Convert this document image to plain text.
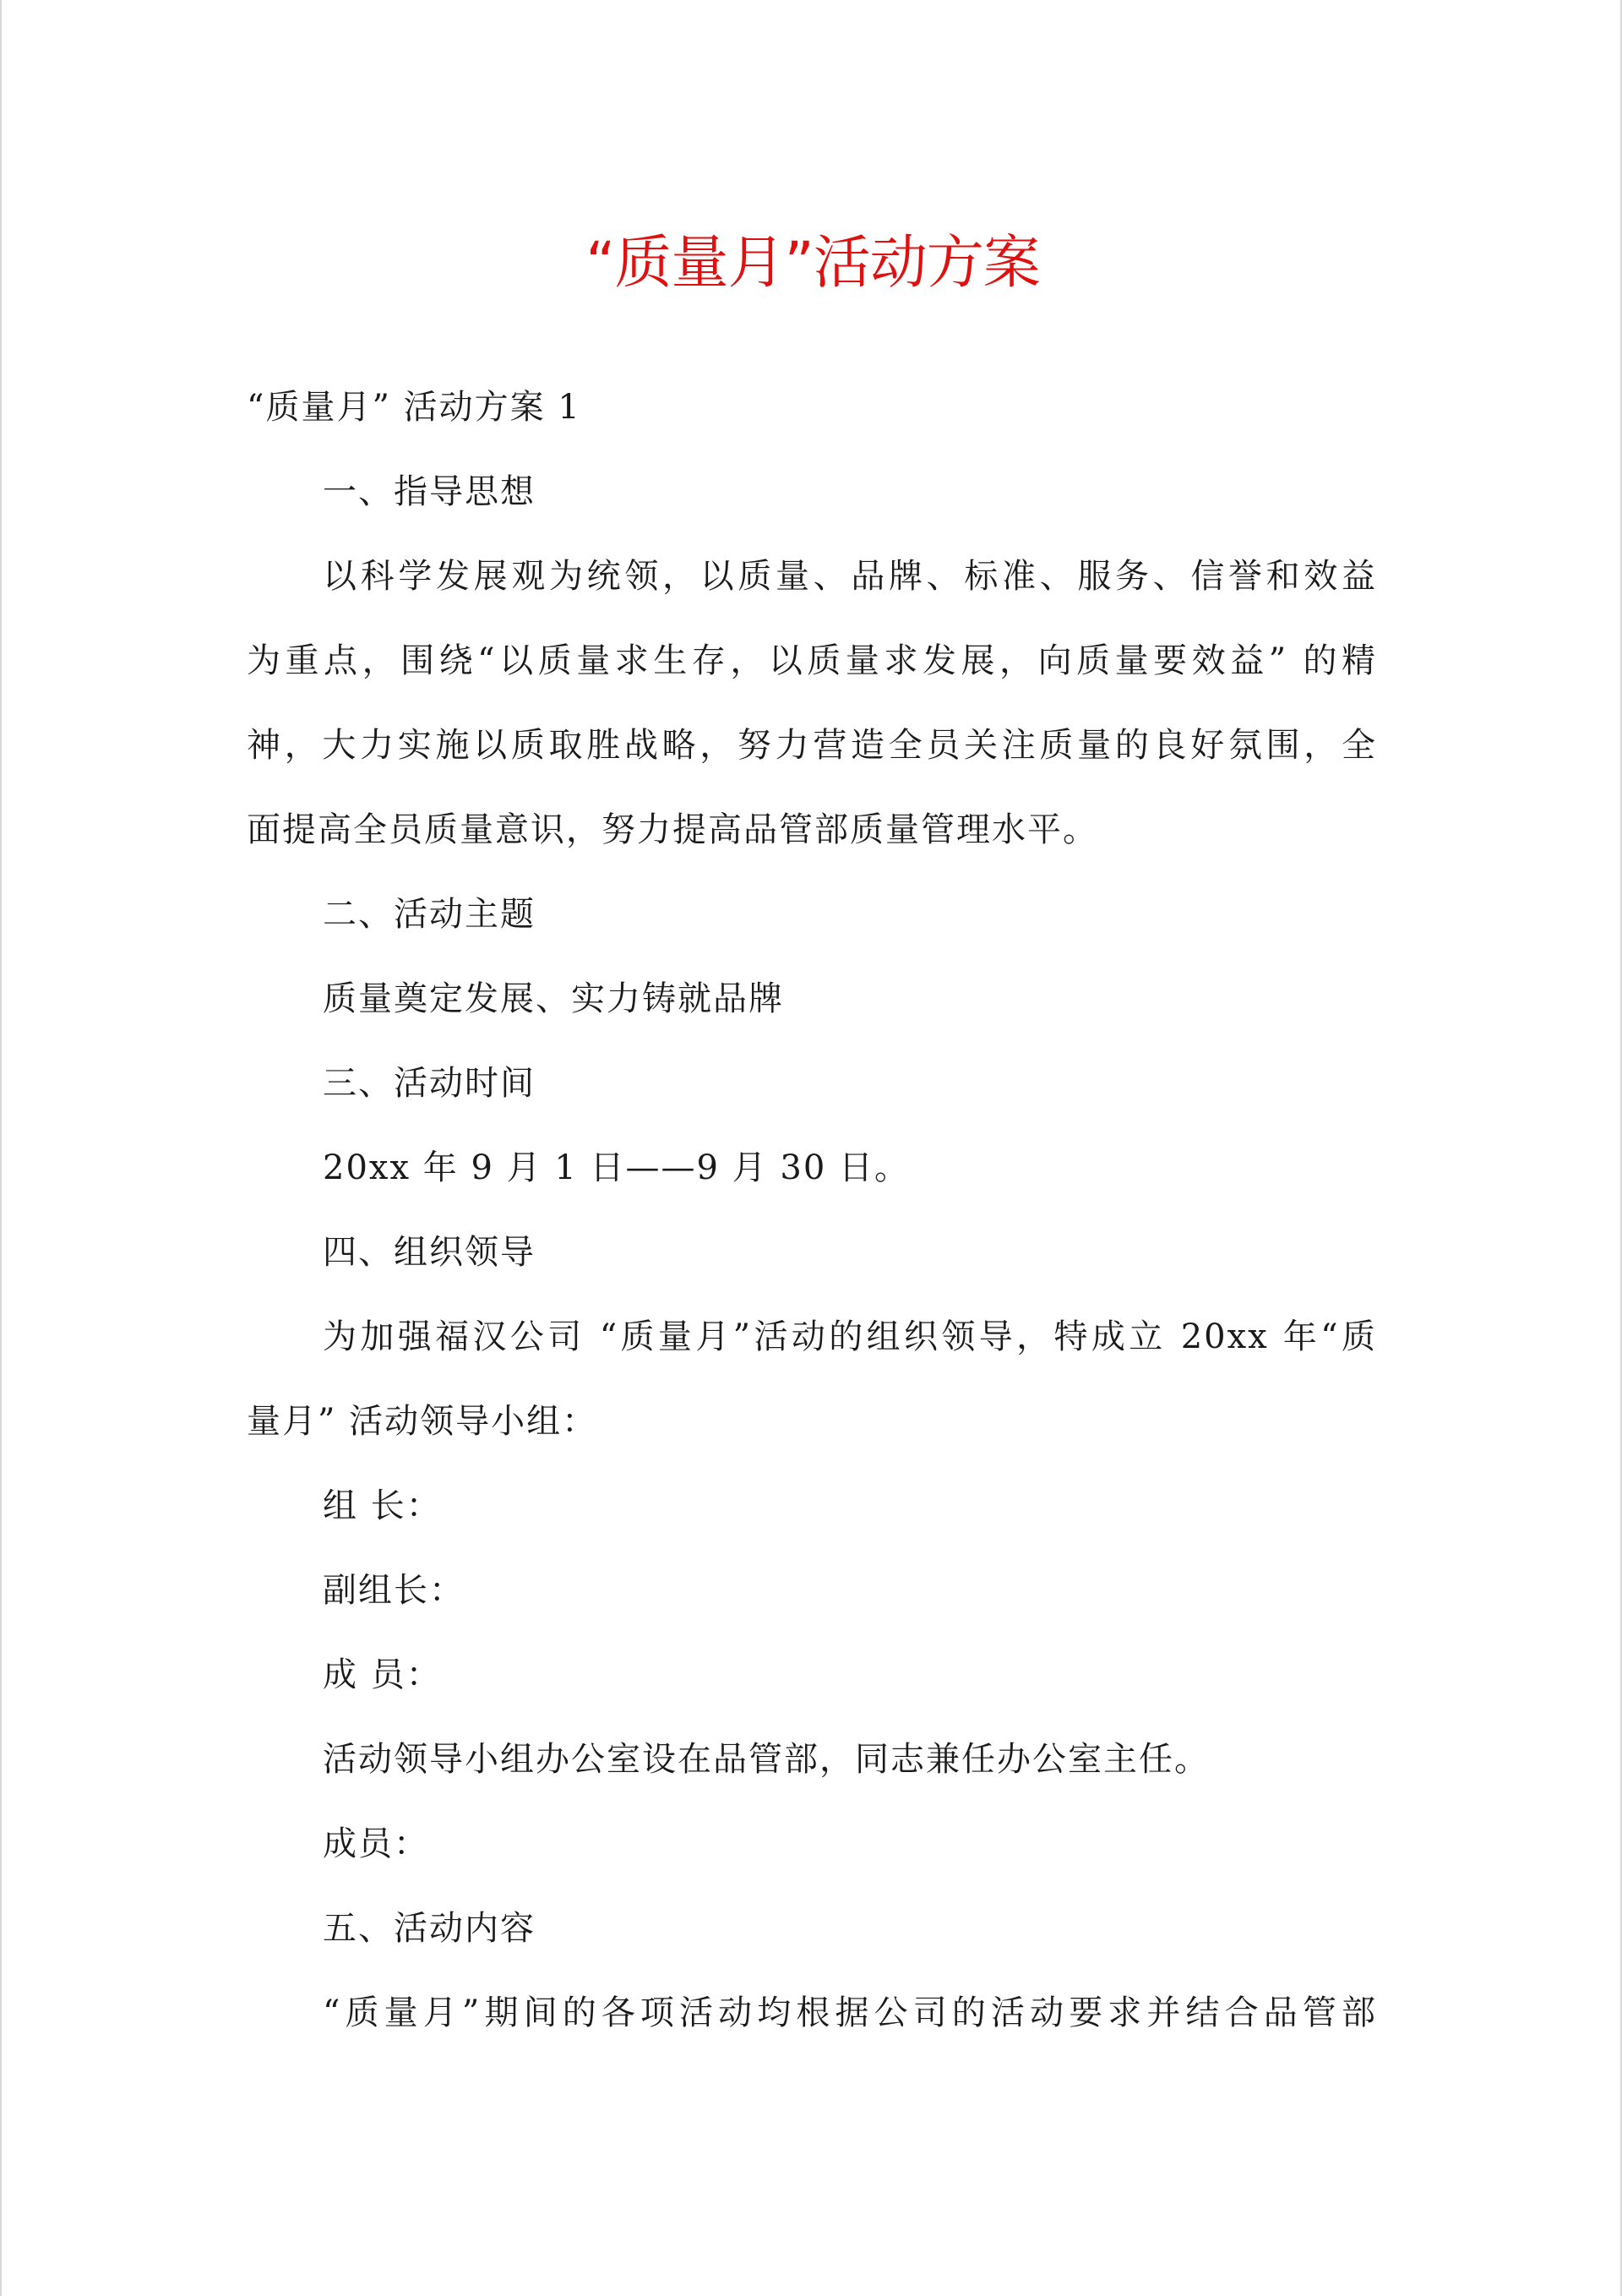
“质量月”活动方案
“质量月” 活动方案 1
一、指导思想
以科学发展观为统领，以质量、品牌、标准、服务、信誉和效益
为重点，围绕“以质量求生存，以质量求发展，向质量要效益” 的精
神，大力实施以质取胜战略，努力营造全员关注质量的良好氛围，全
面提高全员质量意识，努力提高品管部质量管理水平。
二、活动主题
质量奠定发展、实力铸就品牌
三、活动时间
20xx 年 9 月 1 日——9 月 30 日。
四、组织领导
为加强福汉公司 “质量月”活动的组织领导，特成立 20xx 年“质
量月” 活动领导小组：
组 长：
副组长：
成 员：
活动领导小组办公室设在品管部，同志兼任办公室主任。
成员：
五、活动内容
“质量月”期间的各项活动均根据公司的活动要求并结合品管部
